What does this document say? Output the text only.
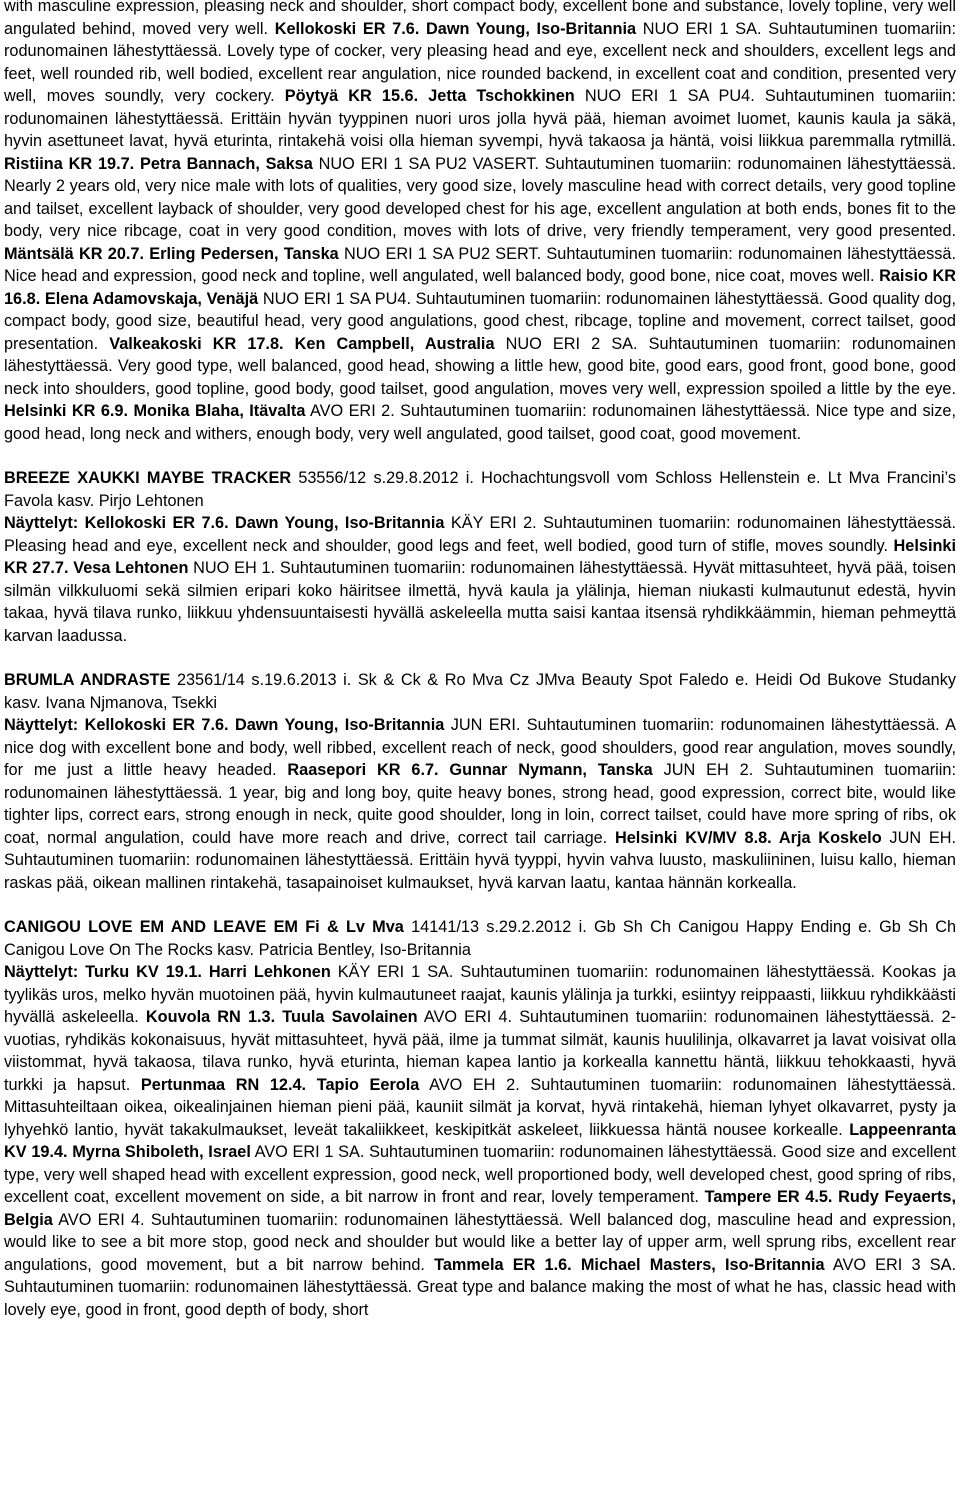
with masculine expression, pleasing neck and shoulder, short compact body, excellent bone and substance, lovely topline, very well angulated behind, moved very well. Kellokoski ER 7.6. Dawn Young, Iso-Britannia NUO ERI 1 SA. Suhtautuminen tuomariin: rodunomainen lähestyttäessä. Lovely type of cocker, very pleasing head and eye, excellent neck and shoulders, excellent legs and feet, well rounded rib, well bodied, excellent rear angulation, nice rounded backend, in excellent coat and condition, presented very well, moves soundly, very cockery. Pöytyä KR 15.6. Jetta Tschokkinen NUO ERI 1 SA PU4. Suhtautuminen tuomariin: rodunomainen lähestyttäessä. Erittäin hyvän tyyppinen nuori uros jolla hyvä pää, hieman avoimet luomet, kaunis kaula ja säkä, hyvin asettuneet lavat, hyvä eturinta, rintakehä voisi olla hieman syvempi, hyvä takaosa ja häntä, voisi liikkua paremmalla rytmillä. Ristiina KR 19.7. Petra Bannach, Saksa NUO ERI 1 SA PU2 VASERT. Suhtautuminen tuomariin: rodunomainen lähestyttäessä. Nearly 2 years old, very nice male with lots of qualities, very good size, lovely masculine head with correct details, very good topline and tailset, excellent layback of shoulder, very good developed chest for his age, excellent angulation at both ends, bones fit to the body, very nice ribcage, coat in very good condition, moves with lots of drive, very friendly temperament, very good presented. Mäntsälä KR 20.7. Erling Pedersen, Tanska NUO ERI 1 SA PU2 SERT. Suhtautuminen tuomariin: rodunomainen lähestyttäessä. Nice head and expression, good neck and topline, well angulated, well balanced body, good bone, nice coat, moves well. Raisio KR 16.8. Elena Adamovskaja, Venäjä NUO ERI 1 SA PU4. Suhtautuminen tuomariin: rodunomainen lähestyttäessä. Good quality dog, compact body, good size, beautiful head, very good angulations, good chest, ribcage, topline and movement, correct tailset, good presentation. Valkeakoski KR 17.8. Ken Campbell, Australia NUO ERI 2 SA. Suhtautuminen tuomariin: rodunomainen lähestyttäessä. Very good type, well balanced, good head, showing a little hew, good bite, good ears, good front, good bone, good neck into shoulders, good topline, good body, good tailset, good angulation, moves very well, expression spoiled a little by the eye. Helsinki KR 6.9. Monika Blaha, Itävalta AVO ERI 2. Suhtautuminen tuomariin: rodunomainen lähestyttäessä. Nice type and size, good head, long neck and withers, enough body, very well angulated, good tailset, good coat, good movement.

BREEZE XAUKKI MAYBE TRACKER 53556/12 s.29.8.2012 i. Hochachtungsvoll vom Schloss Hellenstein e. Lt Mva Francini’s Favola kasv. Pirjo Lehtonen
Näyttelyt: Kellokoski ER 7.6. Dawn Young, Iso-Britannia KÄY ERI 2. Suhtautuminen tuomariin: rodunomainen lähestyttäessä. Pleasing head and eye, excellent neck and shoulder, good legs and feet, well bodied, good turn of stifle, moves soundly. Helsinki KR 27.7. Vesa Lehtonen NUO EH 1. Suhtautuminen tuomariin: rodunomainen lähestyttäessä. Hyvät mittasuhteet, hyvä pää, toisen silmän vilkkuluomi sekä silmien eripari koko häiritsee ilmettä, hyvä kaula ja ylälinja, hieman niukasti kulmautunut edestä, hyvin takaa, hyvä tilava runko, liikkuu yhdensuuntaisesti hyvällä askeleella mutta saisi kantaa itsensä ryhdikkäämmin, hieman pehmeyttä karvan laadussa.

BRUMLA ANDRASTE 23561/14 s.19.6.2013 i. Sk & Ck & Ro Mva Cz JMva Beauty Spot Faledo e. Heidi Od Bukove Studanky kasv. Ivana Njmanova, Tsekki
Näyttelyt: Kellokoski ER 7.6. Dawn Young, Iso-Britannia JUN ERI. Suhtautuminen tuomariin: rodunomainen lähestyttäessä. A nice dog with excellent bone and body, well ribbed, excellent reach of neck, good shoulders, good rear angulation, moves soundly, for me just a little heavy headed. Raasepori KR 6.7. Gunnar Nymann, Tanska JUN EH 2. Suhtautuminen tuomariin: rodunomainen lähestyttäessä. 1 year, big and long boy, quite heavy bones, strong head, good expression, correct bite, would like tighter lips, correct ears, strong enough in neck, quite good shoulder, long in loin, correct tailset, could have more spring of ribs, ok coat, normal angulation, could have more reach and drive, correct tail carriage. Helsinki KV/MV 8.8. Arja Koskelo JUN EH. Suhtautuminen tuomariin: rodunomainen lähestyttäessä. Erittäin hyvä tyyppi, hyvin vahva luusto, maskuliininen, luisu kallo, hieman raskas pää, oikean mallinen rintakehä, tasapainoiset kulmaukset, hyvä karvan laatu, kantaa hännän korkealla.

CANIGOU LOVE EM AND LEAVE EM Fi & Lv Mva 14141/13 s.29.2.2012 i. Gb Sh Ch Canigou Happy Ending e. Gb Sh Ch Canigou Love On The Rocks kasv. Patricia Bentley, Iso-Britannia
Näyttelyt: Turku KV 19.1. Harri Lehkonen KÄY ERI 1 SA. Suhtautuminen tuomariin: rodunomainen lähestyttäessä. Kookas ja tyylikäs uros, melko hyvän muotoinen pää, hyvin kulmautuneet raajat, kaunis ylälinja ja turkki, esiintyy reippaasti, liikkuu ryhdikkäästi hyvällä askeleella. Kouvola RN 1.3. Tuula Savolainen AVO ERI 4. Suhtautuminen tuomariin: rodunomainen lähestyttäessä. 2-vuotias, ryhdikäs kokonaisuus, hyvät mittasuhteet, hyvä pää, ilme ja tummat silmät, kaunis huulilinja, olkavarret ja lavat voisivat olla viistommat, hyvä takaosa, tilava runko, hyvä eturinta, hieman kapea lantio ja korkealla kannettu häntä, liikkuu tehokkaasti, hyvä turkki ja hapsut. Pertunmaa RN 12.4. Tapio Eerola AVO EH 2. Suhtautuminen tuomariin: rodunomainen lähestyttäessä. Mittasuhteiltaan oikea, oikealinjainen hieman pieni pää, kauniit silmät ja korvat, hyvä rintakehä, hieman lyhyet olkavarret, pysty ja lyhyehkö lantio, hyvät takakulmaukset, leveät takaliikkeet, keskipitkät askeleet, liikkuessa häntä nousee korkealle. Lappeenranta KV 19.4. Myrna Shiboleth, Israel AVO ERI 1 SA. Suhtautuminen tuomariin: rodunomainen lähestyttäessä. Good size and excellent type, very well shaped head with excellent expression, good neck, well proportioned body, well developed chest, good spring of ribs, excellent coat, excellent movement on side, a bit narrow in front and rear, lovely temperament. Tampere ER 4.5. Rudy Feyaerts, Belgia AVO ERI 4. Suhtautuminen tuomariin: rodunomainen lähestyttäessä. Well balanced dog, masculine head and expression, would like to see a bit more stop, good neck and shoulder but would like a better lay of upper arm, well sprung ribs, excellent rear angulations, good movement, but a bit narrow behind. Tammela ER 1.6. Michael Masters, Iso-Britannia AVO ERI 3 SA. Suhtautuminen tuomariin: rodunomainen lähestyttäessä. Great type and balance making the most of what he has, classic head with lovely eye, good in front, good depth of body, short
